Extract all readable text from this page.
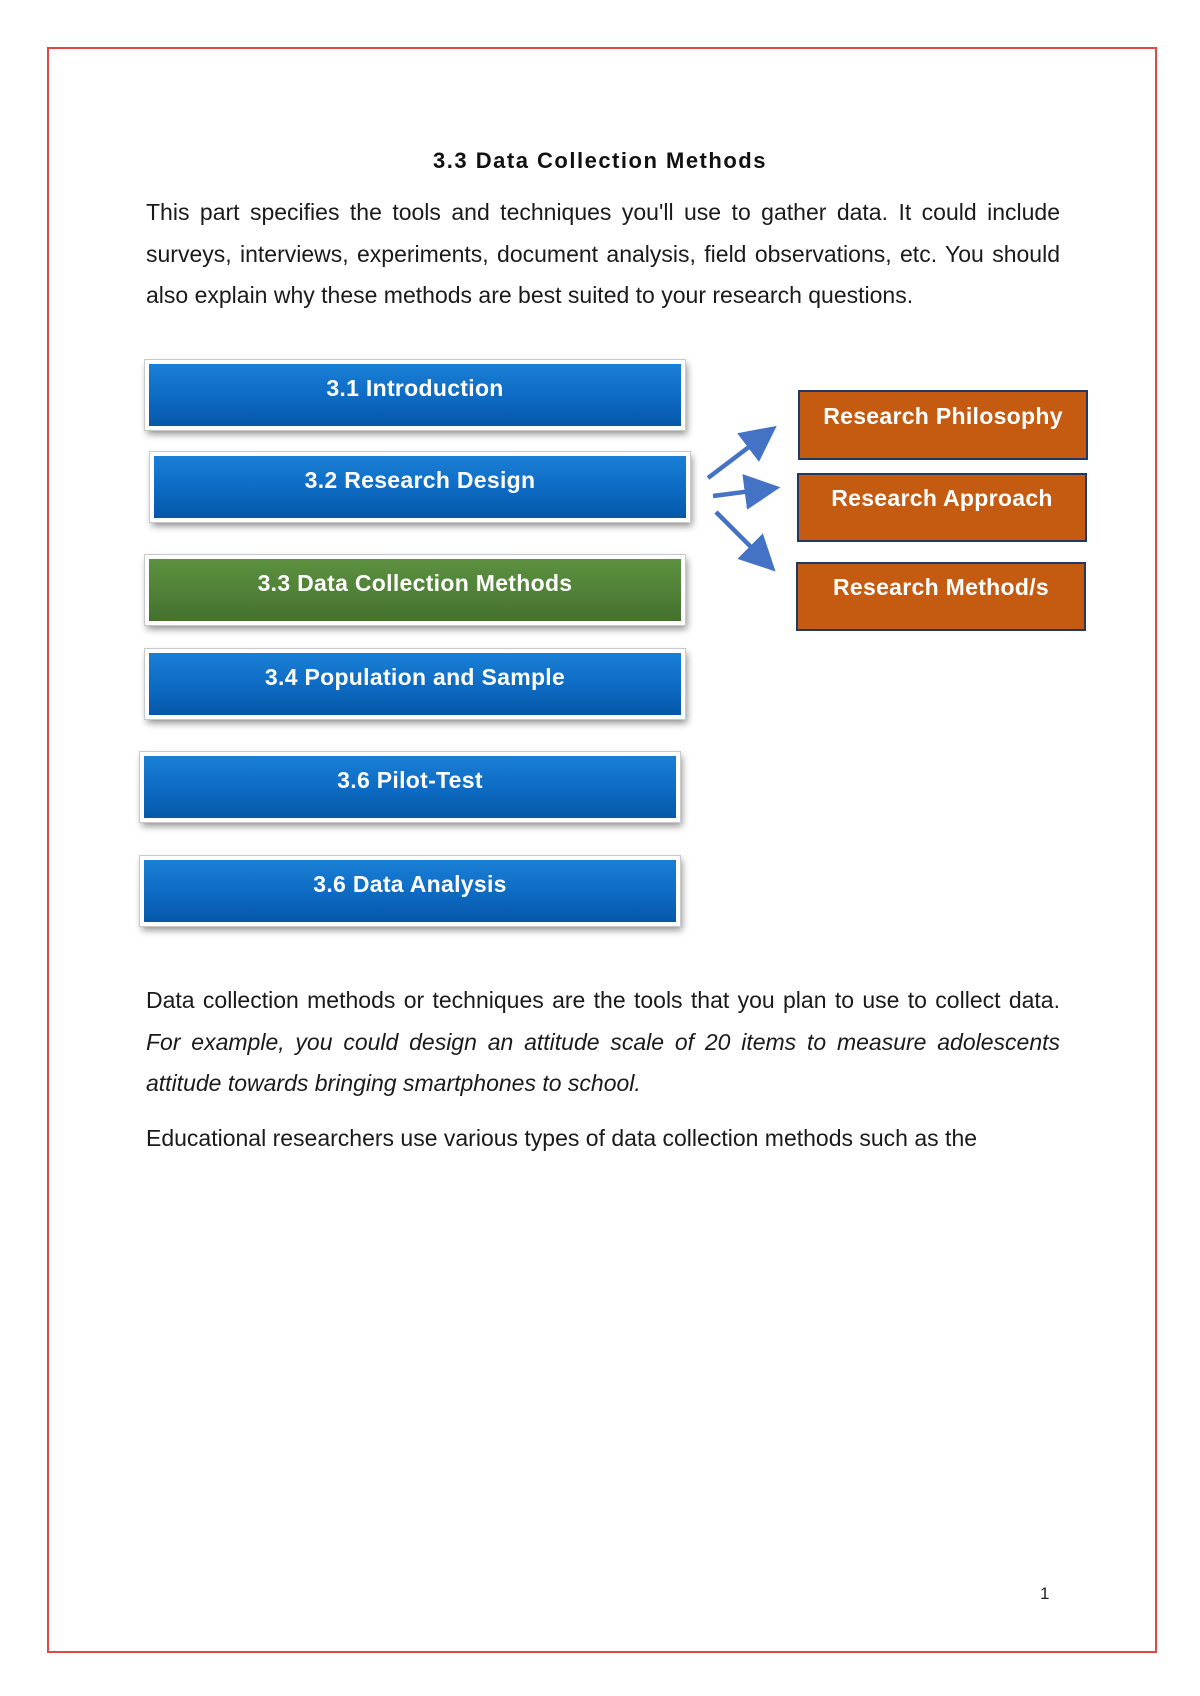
3.3 Data Collection Methods

This part specifies the tools and techniques you'll use to gather data. It could include surveys, interviews, experiments, document analysis, field observations, etc. You should also explain why these methods are best suited to your research questions.

3.1 Introduction
3.2 Research Design
3.3 Data Collection Methods
3.4 Population and Sample
3.6 Pilot-Test
3.6 Data Analysis
Research Philosophy
Research Approach
Research Method/s

Data collection methods or techniques are the tools that you plan to use to collect data. For example, you could design an attitude scale of 20 items to measure adolescents attitude towards bringing smartphones to school.

Educational researchers use various types of data collection methods such as the

1
